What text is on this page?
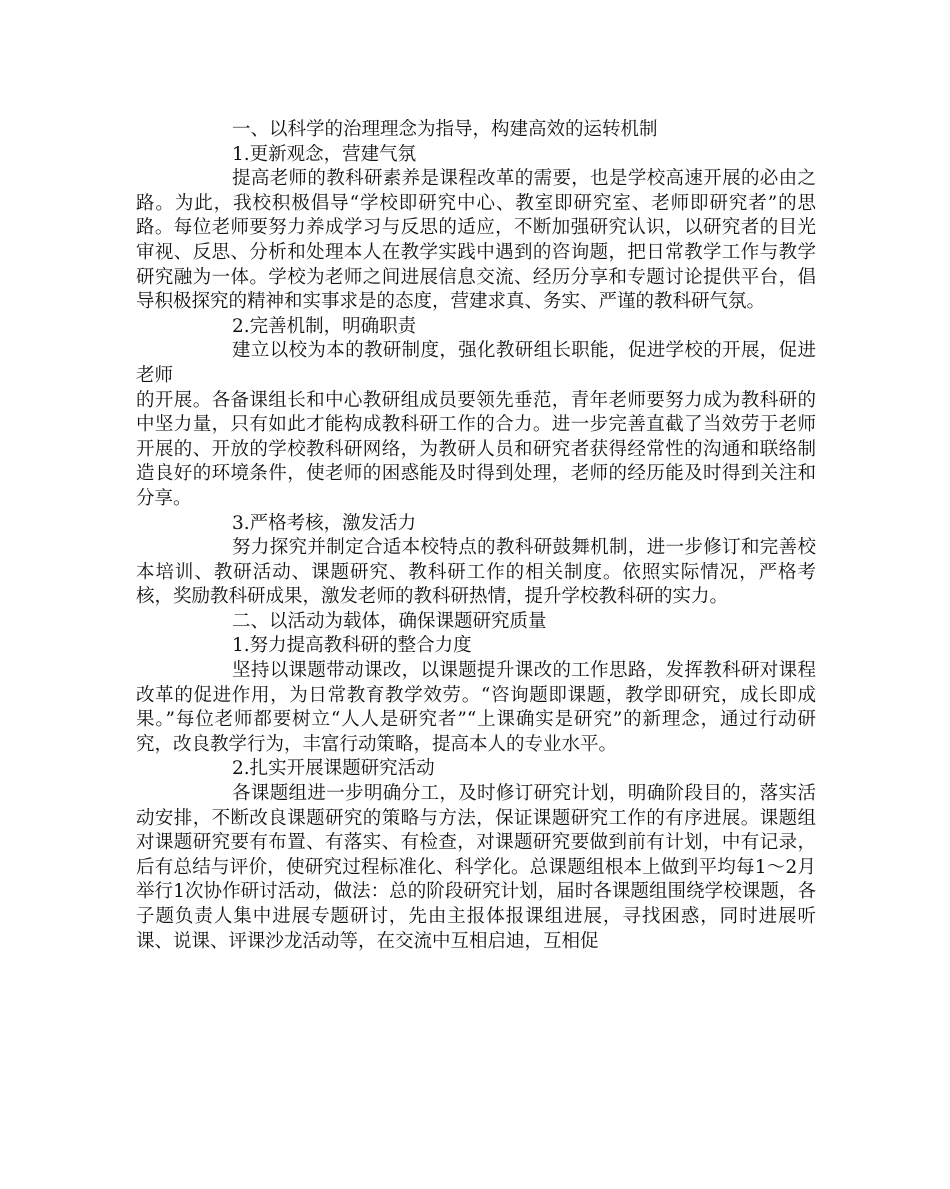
一、以科学的治理理念为指导，构建高效的运转机制

1.更新观念，营建气氛

提高老师的教科研素养是课程改革的需要，也是学校高速开展的必由之路。为此，我校积极倡导“学校即研究中心、教室即研究室、老师即研究者”的思路。每位老师要努力养成学习与反思的适应，不断加强研究认识，以研究者的目光审视、反思、分析和处理本人在教学实践中遇到的咨询题，把日常教学工作与教学研究融为一体。学校为老师之间进展信息交流、经历分享和专题讨论提供平台，倡导积极探究的精神和实事求是的态度，营建求真、务实、严谨的教科研气氛。

2.完善机制，明确职责

建立以校为本的教研制度，强化教研组长职能，促进学校的开展，促进老师

的开展。各备课组长和中心教研组成员要领先垂范，青年老师要努力成为教科研的中坚力量，只有如此才能构成教科研工作的合力。进一步完善直截了当效劳于老师开展的、开放的学校教科研网络，为教研人员和研究者获得经常性的沟通和联络制造良好的环境条件，使老师的困惑能及时得到处理，老师的经历能及时得到关注和分享。

3.严格考核，激发活力

努力探究并制定合适本校特点的教科研鼓舞机制，进一步修订和完善校本培训、教研活动、课题研究、教科研工作的相关制度。依照实际情况，严格考核，奖励教科研成果，激发老师的教科研热情，提升学校教科研的实力。

二、以活动为载体，确保课题研究质量

1.努力提高教科研的整合力度

坚持以课题带动课改，以课题提升课改的工作思路，发挥教科研对课程改革的促进作用，为日常教育教学效劳。“咨询题即课题，教学即研究，成长即成果。”每位老师都要树立“人人是研究者”“上课确实是研究”的新理念，通过行动研究，改良教学行为，丰富行动策略，提高本人的专业水平。

2.扎实开展课题研究活动

各课题组进一步明确分工，及时修订研究计划，明确阶段目的，落实活动安排，不断改良课题研究的策略与方法，保证课题研究工作的有序进展。课题组对课题研究要有布置、有落实、有检查，对课题研究要做到前有计划，中有记录，后有总结与评价，使研究过程标准化、科学化。总课题组根本上做到平均每1～2月举行1次协作研讨活动，做法：总的阶段研究计划，届时各课题组围绕学校课题，各子题负责人集中进展专题研讨，先由主报体报课组进展，寻找困惑，同时进展听课、说课、评课沙龙活动等，在交流中互相启迪，互相促
